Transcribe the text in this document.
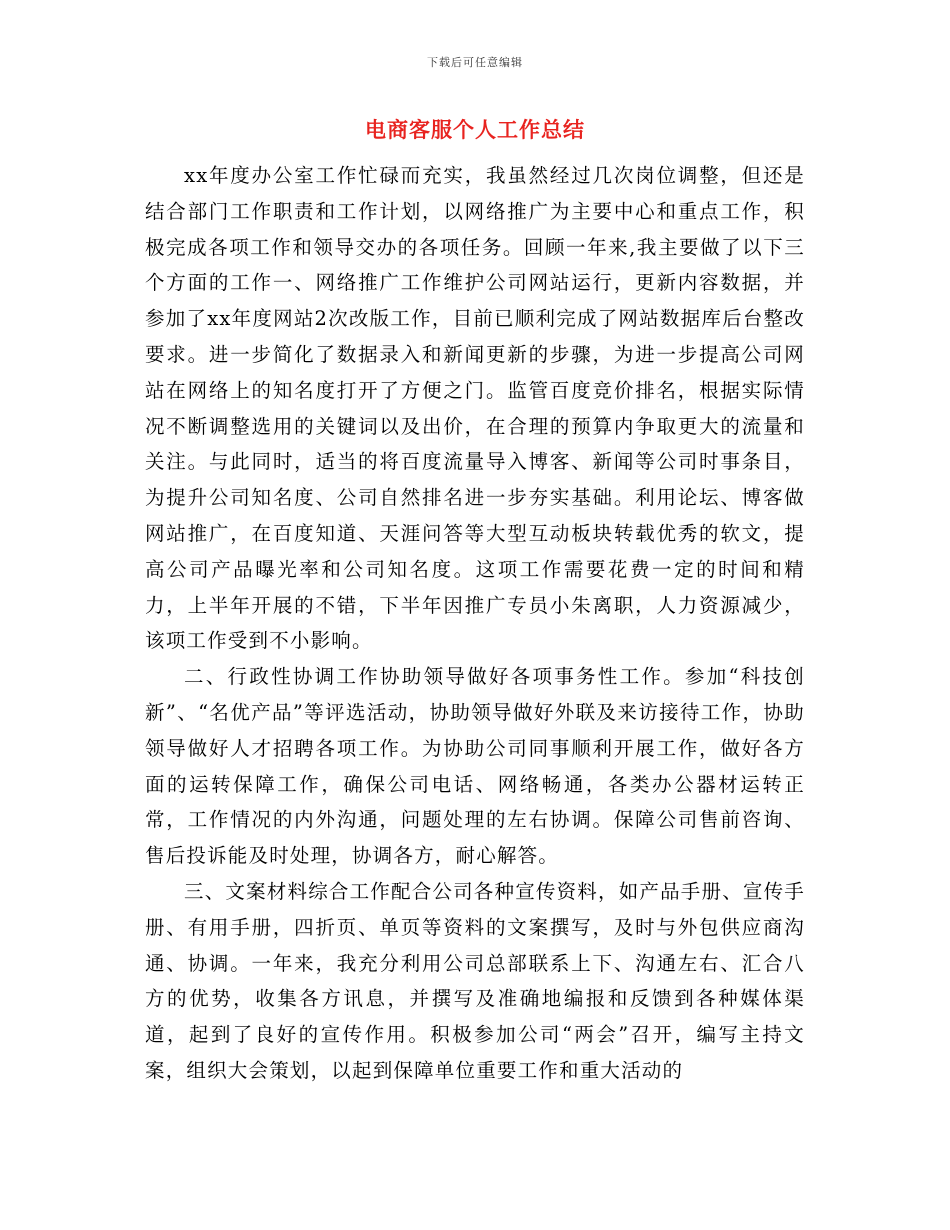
下载后可任意编辑
电商客服个人工作总结

xx年度办公室工作忙碌而充实，我虽然经过几次岗位调整，但还是结合部门工作职责和工作计划，以网络推广为主要中心和重点工作，积极完成各项工作和领导交办的各项任务。回顾一年来,我主要做了以下三个方面的工作一、网络推广工作维护公司网站运行，更新内容数据，并参加了xx年度网站2次改版工作，目前已顺利完成了网站数据库后台整改要求。进一步简化了数据录入和新闻更新的步骤，为进一步提高公司网站在网络上的知名度打开了方便之门。监管百度竞价排名，根据实际情况不断调整选用的关键词以及出价，在合理的预算内争取更大的流量和关注。与此同时，适当的将百度流量导入博客、新闻等公司时事条目，为提升公司知名度、公司自然排名进一步夯实基础。利用论坛、博客做网站推广，在百度知道、天涯问答等大型互动板块转载优秀的软文，提高公司产品曝光率和公司知名度。这项工作需要花费一定的时间和精力，上半年开展的不错，下半年因推广专员小朱离职，人力资源减少，该项工作受到不小影响。

二、行政性协调工作协助领导做好各项事务性工作。参加“科技创新”、“名优产品”等评选活动，协助领导做好外联及来访接待工作，协助领导做好人才招聘各项工作。为协助公司同事顺利开展工作，做好各方面的运转保障工作，确保公司电话、网络畅通，各类办公器材运转正常，工作情况的内外沟通，问题处理的左右协调。保障公司售前咨询、售后投诉能及时处理，协调各方，耐心解答。

三、文案材料综合工作配合公司各种宣传资料，如产品手册、宣传手册、有用手册，四折页、单页等资料的文案撰写，及时与外包供应商沟通、协调。一年来，我充分利用公司总部联系上下、沟通左右、汇合八方的优势，收集各方讯息，并撰写及准确地编报和反馈到各种媒体渠道，起到了良好的宣传作用。积极参加公司“两会”召开，编写主持文案，组织大会策划，以起到保障单位重要工作和重大活动的
